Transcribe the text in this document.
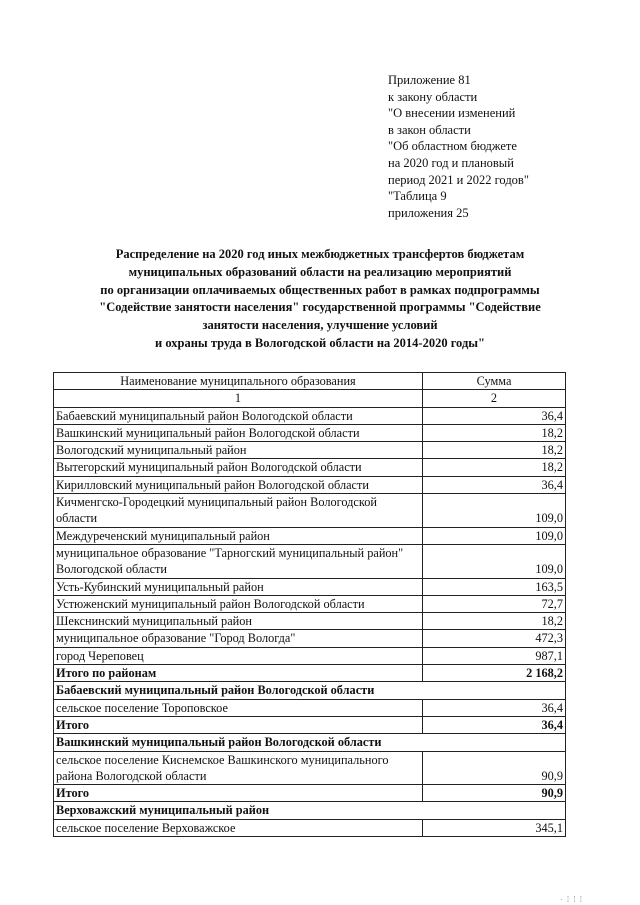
Приложение 81
к закону области
"О внесении изменений
в закон области
"Об областном бюджете
на 2020 год и плановый
период 2021 и 2022 годов"
"Таблица 9
приложения 25
Распределение на 2020 год иных межбюджетных трансфертов бюджетам
муниципальных образований области на реализацию мероприятий
по организации оплачиваемых общественных работ в рамках подпрограммы
"Содействие занятости населения" государственной программы "Содействие
занятости населения, улучшение условий
и охраны труда в Вологодской области на 2014-2020 годы"
Наименование муниципального образования	Сумма
1	2
Бабаевский муниципальный район Вологодской области	36,4
Вашкинский муниципальный район Вологодской области	18,2
Вологодский муниципальный район	18,2
Вытегорский муниципальный район Вологодской области	18,2
Кирилловский муниципальный район Вологодской области	36,4
Кичменгско-Городецкий муниципальный район Вологодской области	109,0
Междуреченский муниципальный район	109,0
муниципальное образование "Тарногский муниципальный район" Вологодской области	109,0
Усть-Кубинский муниципальный район	163,5
Устюженский муниципальный район Вологодской области	72,7
Шекснинский муниципальный район	18,2
муниципальное образование "Город Вологда"	472,3
город Череповец	987,1
Итого по районам	2 168,2
Бабаевский муниципальный район Вологодской области	
сельское поселение Тороповское	36,4
Итого	36,4
Вашкинский муниципальный район Вологодской области	
сельское поселение Киснемское Вашкинского муниципального района Вологодской области	90,9
Итого	90,9
Верховажский муниципальный район	
сельское поселение Верховажское	345,1
· ⁞ ⁞ ⁞
